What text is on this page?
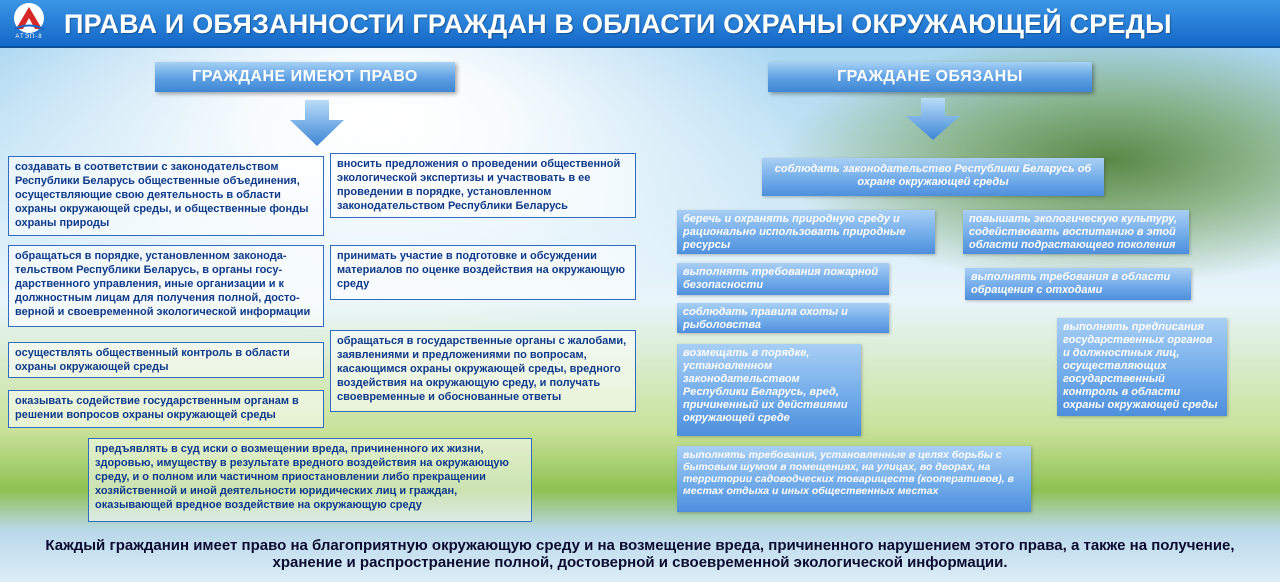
АТЭП-8 ПРАВА И ОБЯЗАННОСТИ ГРАЖДАН В ОБЛАСТИ ОХРАНЫ ОКРУЖАЮЩЕЙ СРЕДЫ
ГРАЖДАНЕ ИМЕЮТ ПРАВО
создавать в соответствии с законодательством Республики Беларусь общественные объединения, осуществляющие свою деятельность в области охраны окружающей среды, и общественные фонды охраны природы
вносить предложения о проведении общественной экологической экспертизы и участвовать в ее проведении в порядке, установленном законодательством Республики Беларусь
обращаться в порядке, установленном законода-тельством Республики Беларусь, в органы госу-дарственного управления, иные организации и к должностным лицам для получения полной, досто-верной и своевременной экологической информации
принимать участие в подготовке и обсуждении материалов по оценке воздействия на окружающую среду
осуществлять общественный контроль в области охраны окружающей среды
обращаться в государственные органы с жалобами, заявлениями и предложениями по вопросам, касающимся охраны окружающей среды, вредного воздействия на окружающую среду, и получать своевременные и обоснованные ответы
оказывать содействие государственным органам в решении вопросов охраны окружающей среды
предъявлять в суд иски о возмещении вреда, причиненного их жизни, здоровью, имуществу в результате вредного воздействия на окружающую среду, и о полном или частичном приостановлении либо прекращении хозяйственной и иной деятельности юридических лиц и граждан, оказывающей вредное воздействие на окружающую среду
ГРАЖДАНЕ ОБЯЗАНЫ
соблюдать законодательство Республики Беларусь об охране окружающей среды
беречь и охранять природную среду и рационально использовать природные ресурсы
повышать экологическую культуру, содействовать воспитанию в этой области подрастающего поколения
выполнять требования пожарной безопасности
выполнять требования в области обращения с отходами
соблюдать правила охоты и рыболовства	выполнять предписания государственных органов и должностных лиц, осуществляющих государственный контроль в области охраны окружающей среды
возмещать в порядке, установленном законодательством Республики Беларусь, вред, причиненный их действиями окружающей среде
выполнять требования, установленные в целях борьбы с бытовым шумом в помещениях, на улицах, во дворах, на территории садоводческих товариществ (кооперативов), в местах отдыха и иных общественных местах
Каждый гражданин имеет право на благоприятную окружающую среду и на возмещение вреда, причиненного нарушением этого права, а также на получение, хранение и распространение полной, достоверной и своевременной экологической информации.
